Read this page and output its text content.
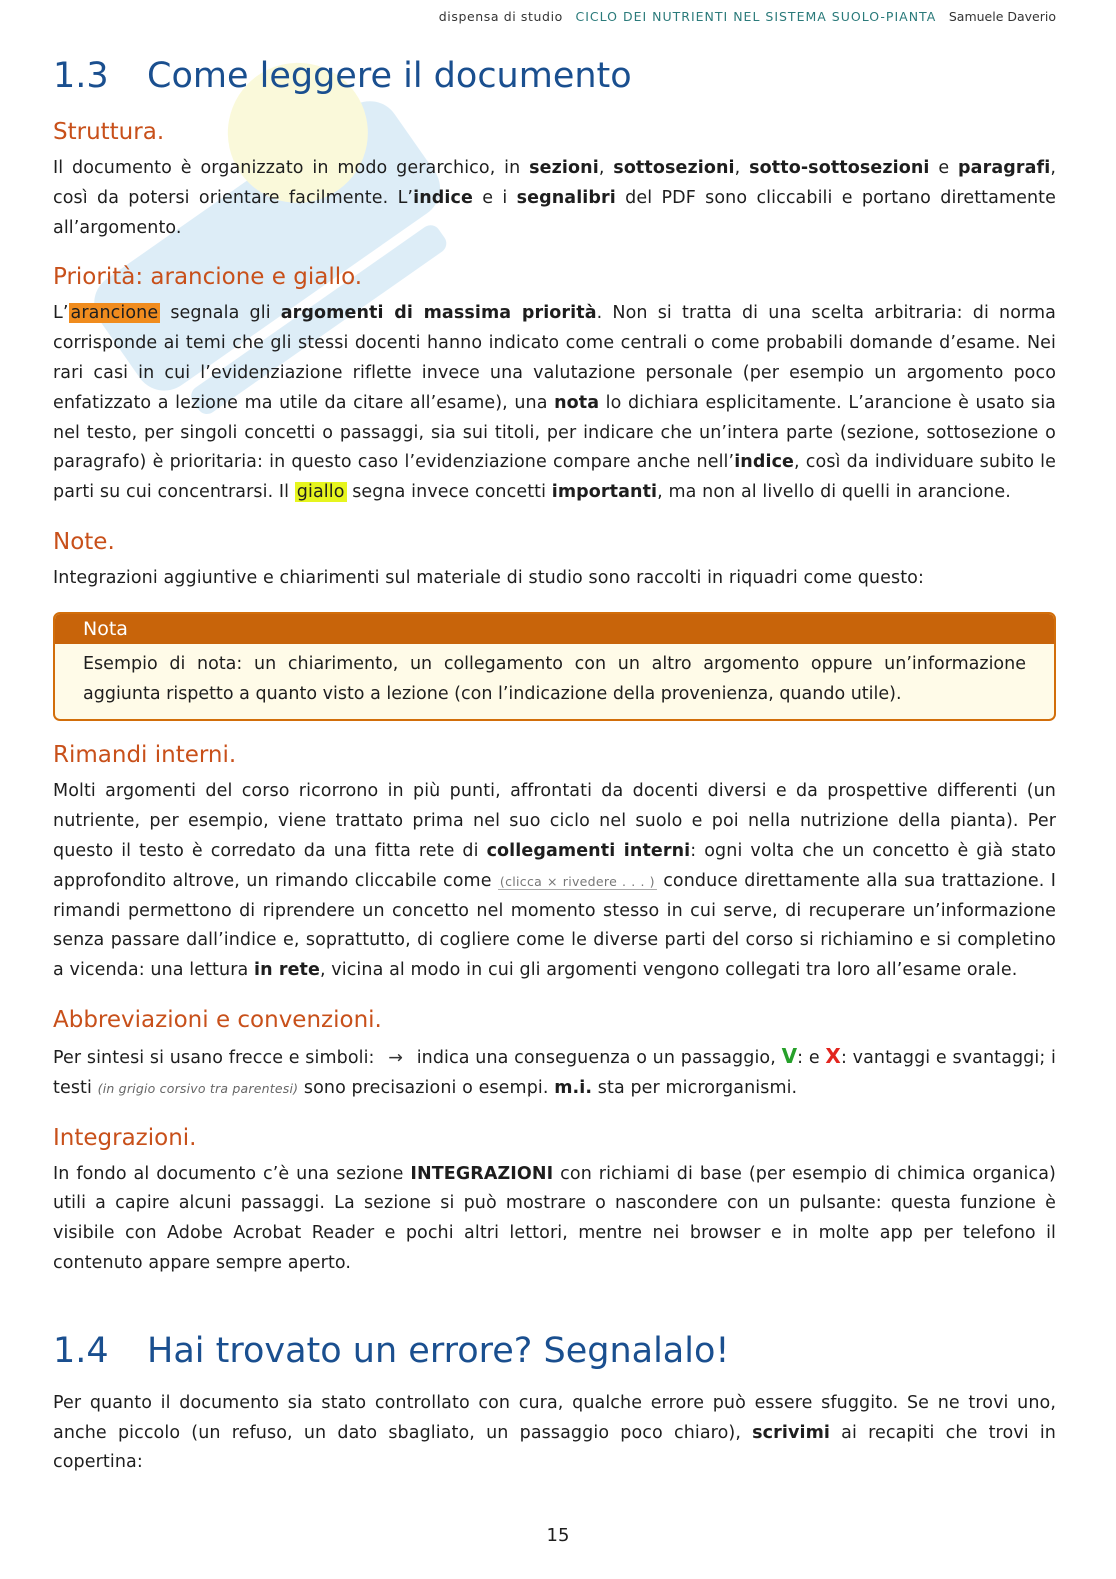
dispensa di studio CICLO DEI NUTRIENTI NEL SISTEMA SUOLO-PIANTA Samuele Daverio
1.3 Come leggere il documento
Struttura.

Il documento è organizzato in modo gerarchico, in sezioni, sottosezioni, sotto-sottosezioni e paragrafi, così da potersi orientare facilmente. L’indice e i segnalibri del PDF sono cliccabili e portano direttamente all’argomento.

Priorità: arancione e giallo.

L’ arancione segnala gli argomenti di massima priorità. Non si tratta di una scelta arbitraria: di norma corrisponde ai temi che gli stessi docenti hanno indicato come centrali o come probabili domande d’esame. Nei rari casi in cui l’evidenziazione riflette invece una valutazione personale (per esempio un argomento poco enfatizzato a lezione ma utile da citare all’esame), una nota lo dichiara esplicitamente. L’arancione è usato sia nel testo, per singoli concetti o passaggi, sia sui titoli, per indicare che un’intera parte (sezione, sottosezione o paragrafo) è prioritaria: in questo caso l’evidenziazione compare anche nell’indice, così da individuare subito le parti su cui concentrarsi. Il giallo segna invece concetti importanti, ma non al livello di quelli in arancione.

Note.

Integrazioni aggiuntive e chiarimenti sul materiale di studio sono raccolti in riquadri come questo:

Nota
Esempio di nota: un chiarimento, un collegamento con un altro argomento oppure un’informazione aggiunta rispetto a quanto visto a lezione (con l’indicazione della provenienza, quando utile).
Rimandi interni.

Molti argomenti del corso ricorrono in più punti, affrontati da docenti diversi e da prospettive differenti (un nutriente, per esempio, viene trattato prima nel suo ciclo nel suolo e poi nella nutrizione della pianta). Per questo il testo è corredato da una fitta rete di collegamenti interni: ogni volta che un concetto è già stato approfondito altrove, un rimando cliccabile come (clicca × rivedere . . . ) conduce direttamente alla sua trattazione. I rimandi permettono di riprendere un concetto nel momento stesso in cui serve, di recuperare un’informazione senza passare dall’indice e, soprattutto, di cogliere come le diverse parti del corso si richiamino e si completino a vicenda: una lettura in rete, vicina al modo in cui gli argomenti vengono collegati tra loro all’esame orale.

Abbreviazioni e convenzioni.

Per sintesi si usano frecce e simboli: → indica una conseguenza o un passaggio, V: e X: vantaggi e svantaggi; i testi (in grigio corsivo tra parentesi) sono precisazioni o esempi. m.i. sta per microrganismi.

Integrazioni.

In fondo al documento c’è una sezione INTEGRAZIONI con richiami di base (per esempio di chimica organica) utili a capire alcuni passaggi. La sezione si può mostrare o nascondere con un pulsante: questa funzione è visibile con Adobe Acrobat Reader e pochi altri lettori, mentre nei browser e in molte app per telefono il contenuto appare sempre aperto.

1.4 Hai trovato un errore? Segnalalo!

Per quanto il documento sia stato controllato con cura, qualche errore può essere sfuggito. Se ne trovi uno, anche piccolo (un refuso, un dato sbagliato, un passaggio poco chiaro), scrivimi ai recapiti che trovi in copertina:

15
